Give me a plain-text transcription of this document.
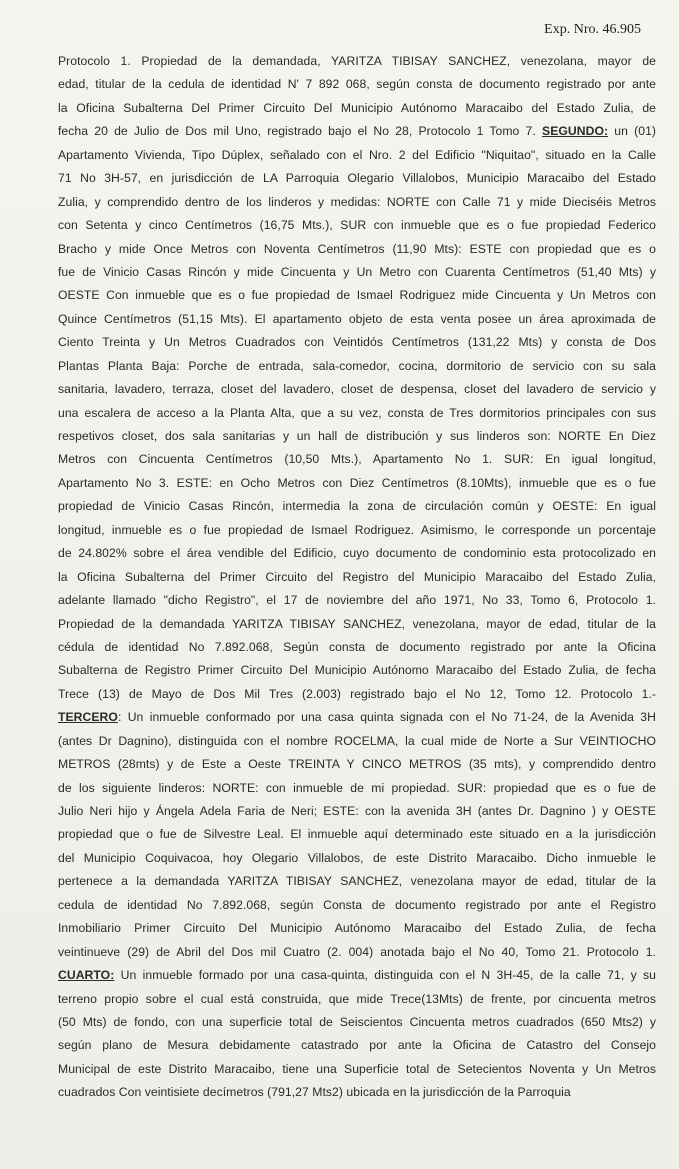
Exp. Nro. 46.905
Protocolo 1. Propiedad de la demandada, YARITZA TIBISAY SANCHEZ, venezolana, mayor de
edad, titular de la cedula de identidad N' 7 892 068, según consta de documento registrado por ante
la Oficina Subalterna Del Primer Circuito Del Municipio Autónomo Maracaibo del Estado Zulia, de
fecha 20 de Julio de Dos mil Uno, registrado bajo el No 28, Protocolo 1 Tomo 7. SEGUNDO: un (01)
Apartamento Vivienda, Tipo Dúplex, señalado con el Nro. 2 del Edificio "Niquitao", situado en la Calle
71 No 3H-57, en jurisdicción de LA Parroquia Olegario Villalobos, Municipio Maracaibo del Estado
Zulia, y comprendido dentro de los linderos y medidas: NORTE con Calle 71 y mide Dieciséis Metros
con Setenta y cinco Centímetros (16,75 Mts.), SUR con inmueble que es o fue propiedad Federico
Bracho y mide Once Metros con Noventa Centímetros (11,90 Mts): ESTE con propiedad que es o
fue de Vinicio Casas Rincón y mide Cincuenta y Un Metro con Cuarenta Centímetros (51,40 Mts) y
OESTE Con inmueble que es o fue propiedad de Ismael Rodriguez mide Cincuenta y Un Metros con
Quince Centímetros (51,15 Mts). El apartamento objeto de esta venta posee un área aproximada de
Ciento Treinta y Un Metros Cuadrados con Veintidós Centímetros (131,22 Mts) y consta de Dos
Plantas Planta Baja: Porche de entrada, sala-comedor, cocina, dormitorio de servicio con su sala
sanitaria, lavadero, terraza, closet del lavadero, closet de despensa, closet del lavadero de servicio y
una escalera de acceso a la Planta Alta, que a su vez, consta de Tres dormitorios principales con sus
respetivos closet, dos sala sanitarias y un hall de distribución y sus linderos son: NORTE En Diez
Metros con Cincuenta Centímetros (10,50 Mts.), Apartamento No 1. SUR: En igual longitud,
Apartamento No 3. ESTE: en Ocho Metros con Diez Centímetros (8.10Mts), inmueble que es o fue
propiedad de Vinicio Casas Rincón, intermedia la zona de circulación común y OESTE: En igual
longitud, inmueble es o fue propiedad de Ismael Rodriguez. Asimismo, le corresponde un porcentaje
de 24.802% sobre el área vendible del Edificio, cuyo documento de condominio esta protocolizado en
la Oficina Subalterna del Primer Circuito del Registro del Municipio Maracaibo del Estado Zulia,
adelante llamado "dicho Registro", el 17 de noviembre del año 1971, No 33, Tomo 6, Protocolo 1.
Propiedad de la demandada YARITZA TIBISAY SANCHEZ, venezolana, mayor de edad, titular de la
cédula de identidad No 7.892.068, Según consta de documento registrado por ante la Oficina
Subalterna de Registro Primer Circuito Del Municipio Autónomo Maracaibo del Estado Zulia, de fecha
Trece (13) de Mayo de Dos Mil Tres (2.003) registrado bajo el No 12, Tomo 12. Protocolo 1.-
TERCERO: Un inmueble conformado por una casa quinta signada con el No 71-24, de la Avenida 3H
(antes Dr Dagnino), distinguida con el nombre ROCELMA, la cual mide de Norte a Sur VEINTIOCHO
METROS (28mts) y de Este a Oeste TREINTA Y CINCO METROS (35 mts), y comprendido dentro
de los siguiente linderos: NORTE: con inmueble de mi propiedad. SUR: propiedad que es o fue de
Julio Neri hijo y Ángela Adela Faria de Neri; ESTE: con la avenida 3H (antes Dr. Dagnino ) y OESTE
propiedad que o fue de Silvestre Leal. El inmueble aquí determinado este situado en a la jurisdicción
del Municipio Coquivacoa, hoy Olegario Villalobos, de este Distrito Maracaibo. Dicho inmueble le
pertenece a la demandada YARITZA TIBISAY SANCHEZ, venezolana mayor de edad, titular de la
cedula de identidad No 7.892.068, según Consta de documento registrado por ante el Registro
Inmobiliario Primer Circuito Del Municipio Autónomo Maracaibo del Estado Zulia, de fecha
veintinueve (29) de Abril del Dos mil Cuatro (2. 004) anotada bajo el No 40, Tomo 21. Protocolo 1.
CUARTO: Un inmueble formado por una casa-quinta, distinguida con el N 3H-45, de la calle 71, y su
terreno propio sobre el cual está construida, que mide Trece(13Mts) de frente, por cincuenta metros
(50 Mts) de fondo, con una superficie total de Seiscientos Cincuenta metros cuadrados (650 Mts2) y
según plano de Mesura debidamente catastrado por ante la Oficina de Catastro del Consejo
Municipal de este Distrito Maracaibo, tiene una Superficie total de Setecientos Noventa y Un Metros
cuadrados Con veintisiete decímetros (791,27 Mts2) ubicada en la jurisdicción de la Parroquia
